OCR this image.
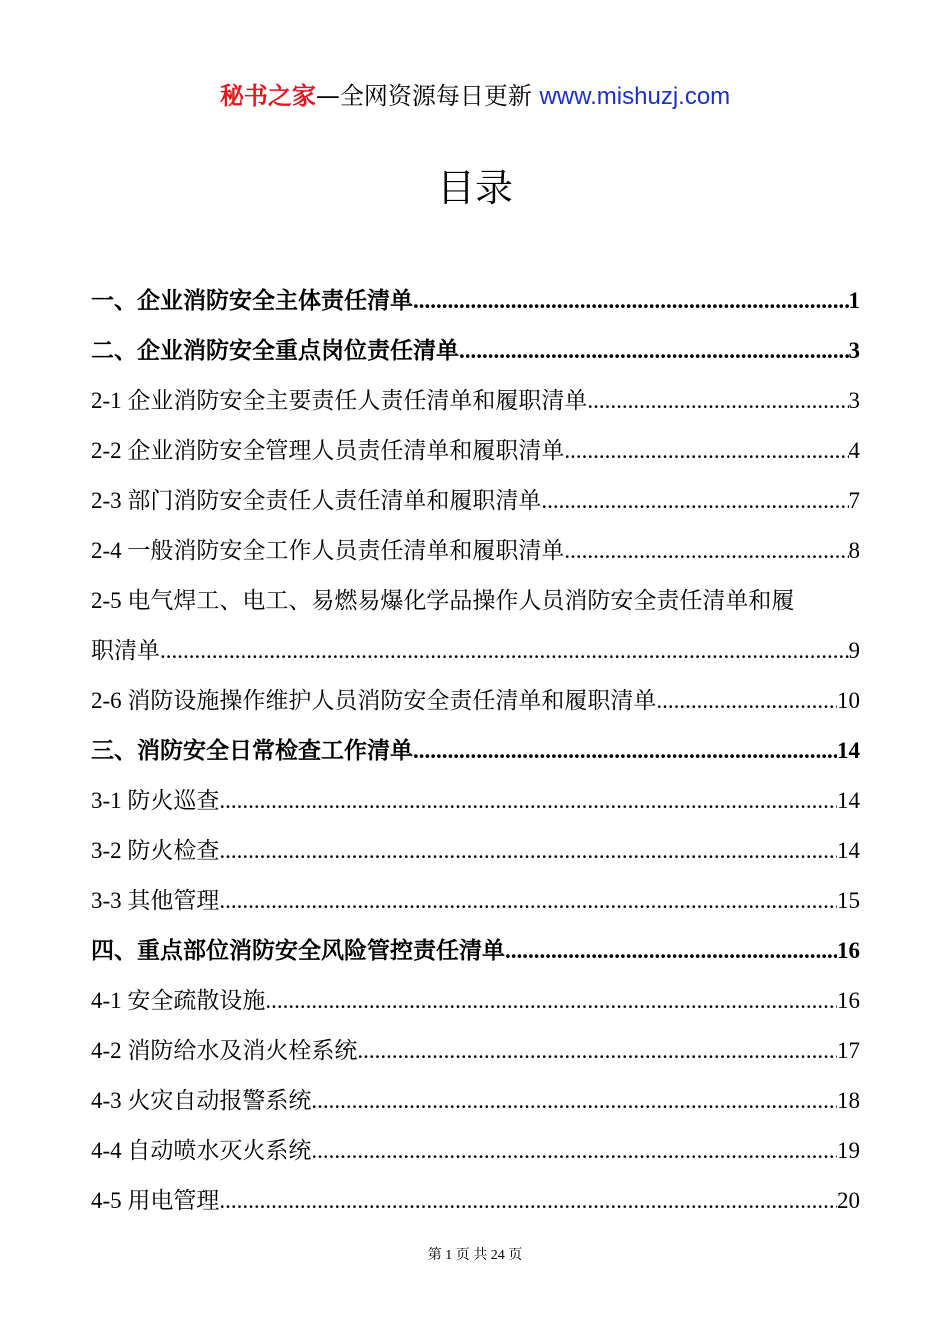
秘书之家—全网资源每日更新 www.mishuzj.com
目录
一、企业消防安全主体责任清单 .....	1
二、企业消防安全重点岗位责任清单 .....	3
2-1 企业消防安全主要责任人责任清单和履职清单 .....	3
2-2 企业消防安全管理人员责任清单和履职清单 .....	4
2-3 部门消防安全责任人责任清单和履职清单 .....	7
2-4 一般消防安全工作人员责任清单和履职清单 .....	8
2-5 电气焊工、电工、易燃易爆化学品操作人员消防安全责任清单和履
职清单 .....	9
2-6 消防设施操作维护人员消防安全责任清单和履职清单 .....	10
三、消防安全日常检查工作清单 .....	14
3-1 防火巡查 .....	14
3-2 防火检查 .....	14
3-3 其他管理 .....	15
四、重点部位消防安全风险管控责任清单 .....	16
4-1 安全疏散设施 .....	16
4-2 消防给水及消火栓系统 .....	17
4-3 火灾自动报警系统 .....	18
4-4 自动喷水灭火系统 .....	19
4-5 用电管理 .....	20
第 1 页 共 24 页
